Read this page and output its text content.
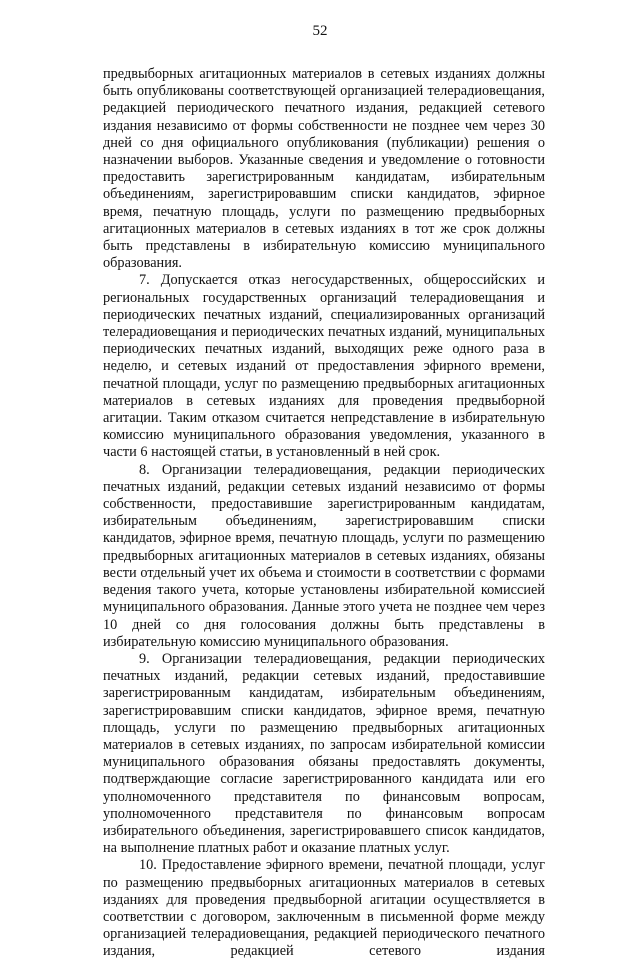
52

предвыборных агитационных материалов в сетевых изданиях должны быть опубликованы соответствующей организацией телерадиовещания, редакцией периодического печатного издания, редакцией сетевого издания независимо от формы собственности не позднее чем через 30 дней со дня официального опубликования (публикации) решения о назначении выборов. Указанные сведения и уведомление о готовности предоставить зарегистрированным кандидатам, избирательным объединениям, зарегистрировавшим списки кандидатов, эфирное время, печатную площадь, услуги по размещению предвыборных агитационных материалов в сетевых изданиях в тот же срок должны быть представлены в избирательную комиссию муниципального образования.

7. Допускается отказ негосударственных, общероссийских и региональных государственных организаций телерадиовещания и периодических печатных изданий, специализированных организаций телерадиовещания и периодических печатных изданий, муниципальных периодических печатных изданий, выходящих реже одного раза в неделю, и сетевых изданий от предоставления эфирного времени, печатной площади, услуг по размещению предвыборных агитационных материалов в сетевых изданиях для проведения предвыборной агитации. Таким отказом считается непредставление в избирательную комиссию муниципального образования уведомления, указанного в части 6 настоящей статьи, в установленный в ней срок.

8. Организации телерадиовещания, редакции периодических печатных изданий, редакции сетевых изданий независимо от формы собственности, предоставившие зарегистрированным кандидатам, избирательным объединениям, зарегистрировавшим списки кандидатов, эфирное время, печатную площадь, услуги по размещению предвыборных агитационных материалов в сетевых изданиях, обязаны вести отдельный учет их объема и стоимости в соответствии с формами ведения такого учета, которые установлены избирательной комиссией муниципального образования. Данные этого учета не позднее чем через 10 дней со дня голосования должны быть представлены в избирательную комиссию муниципального образования.

9. Организации телерадиовещания, редакции периодических печатных изданий, редакции сетевых изданий, предоставившие зарегистрированным кандидатам, избирательным объединениям, зарегистрировавшим списки кандидатов, эфирное время, печатную площадь, услуги по размещению предвыборных агитационных материалов в сетевых изданиях, по запросам избирательной комиссии муниципального образования обязаны предоставлять документы, подтверждающие согласие зарегистрированного кандидата или его уполномоченного представителя по финансовым вопросам, уполномоченного представителя по финансовым вопросам избирательного объединения, зарегистрировавшего список кандидатов, на выполнение платных работ и оказание платных услуг.

10. Предоставление эфирного времени, печатной площади, услуг по размещению предвыборных агитационных материалов в сетевых изданиях для проведения предвыборной агитации осуществляется в соответствии с договором, заключенным в письменной форме между организацией телерадиовещания, редакцией периодического печатного издания, редакцией сетевого издания
